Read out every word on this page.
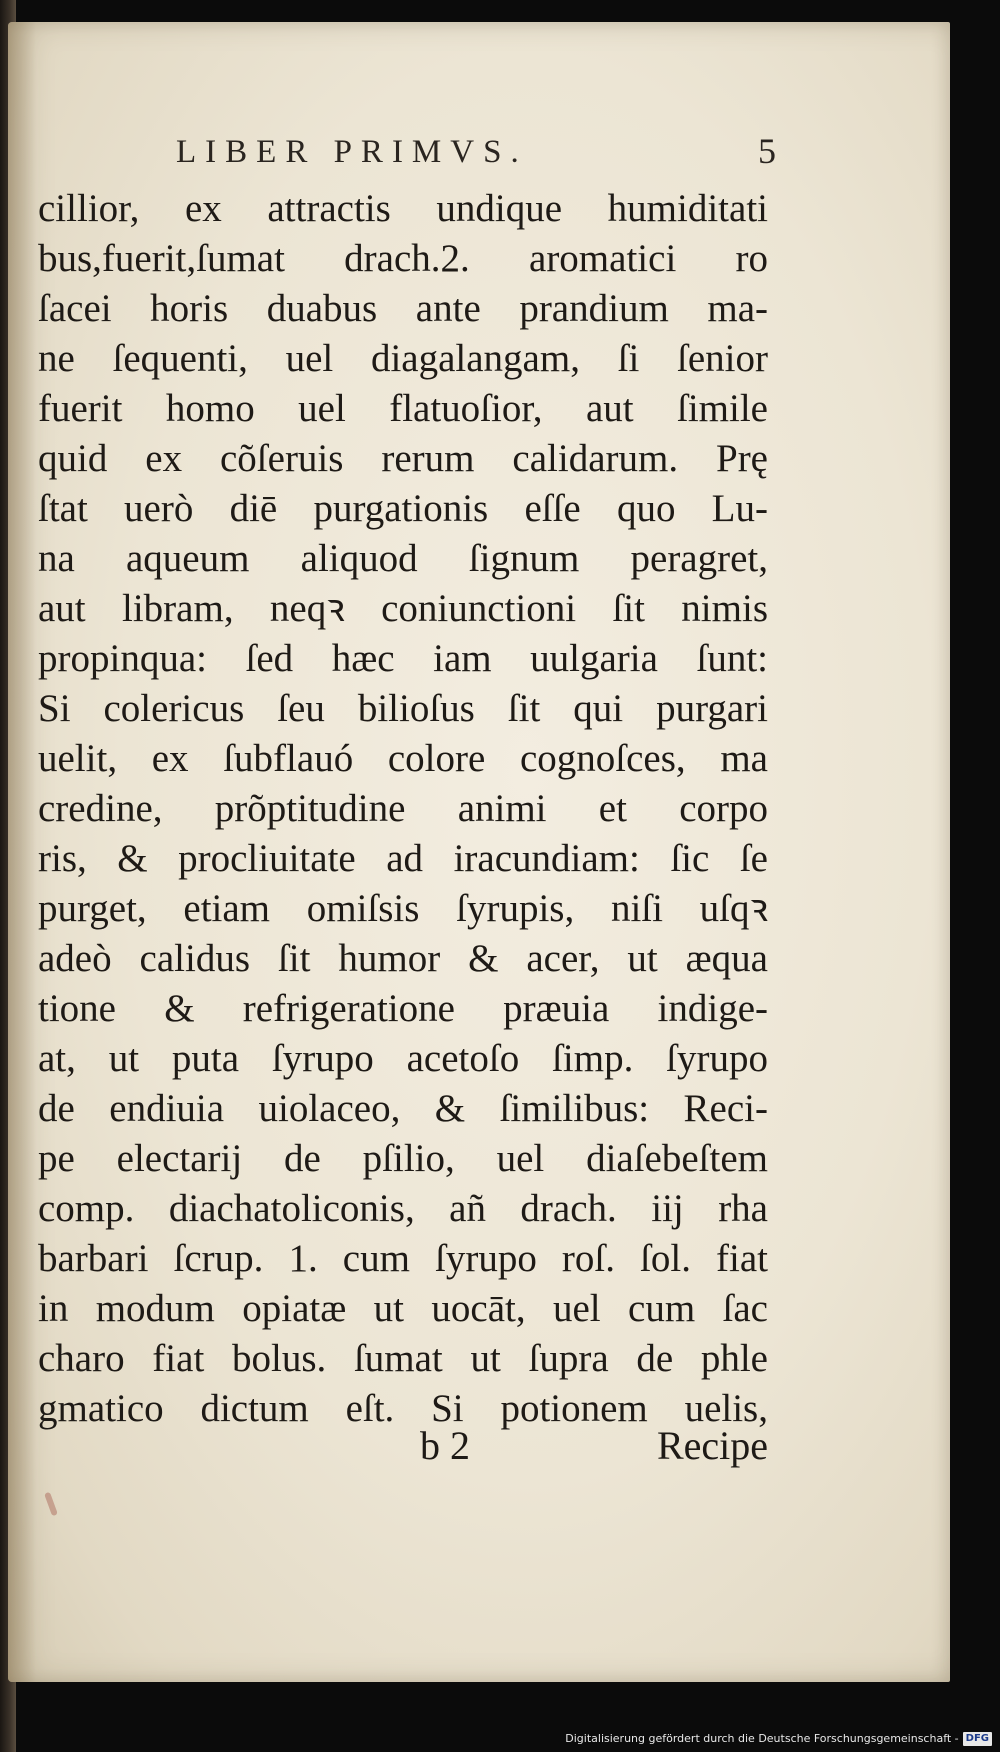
LIBER PRIMVS.	5
cillior, ex attractis undique humiditati
bus,fuerit,ſumat drach.2. aromatici ro
ſacei horis duabus ante prandium ma-
ne ſequenti, uel diagalangam, ſi ſenior
fuerit homo uel flatuoſior, aut ſimile
quid ex cõſeruis rerum calidarum. Prę
ſtat uerò diē purgationis eſſe quo Lu-
na aqueum aliquod ſignum peragret,
aut libram, neqꝛ coniunctioni ſit nimis
propinqua: ſed hæc iam uulgaria ſunt:
Si colericus ſeu bilioſus ſit qui purgari
uelit, ex ſubflauó colore cognoſces, ma
credine, prõptitudine animi et corpo
ris, & procliuitate ad iracundiam: ſic ſe
purget, etiam omiſsis ſyrupis, niſi uſqꝛ
adeò calidus ſit humor & acer, ut æqua
tione & refrigeratione præuia indige-
at, ut puta ſyrupo acetoſo ſimp. ſyrupo
de endiuia uiolaceo, & ſimilibus: Reci-
pe electarij de pſilio, uel diaſebeſtem
comp. diachatoliconis, añ drach. iij rha
barbari ſcrup. 1. cum ſyrupo roſ. ſol. fiat
in modum opiatæ ut uocāt, uel cum ſac
charo fiat bolus. ſumat ut ſupra de phle
gmatico dictum eſt. Si potionem uelis,
b 2	Recipe
Digitalisierung gefördert durch die Deutsche Forschungsgemeinschaft - DFG
